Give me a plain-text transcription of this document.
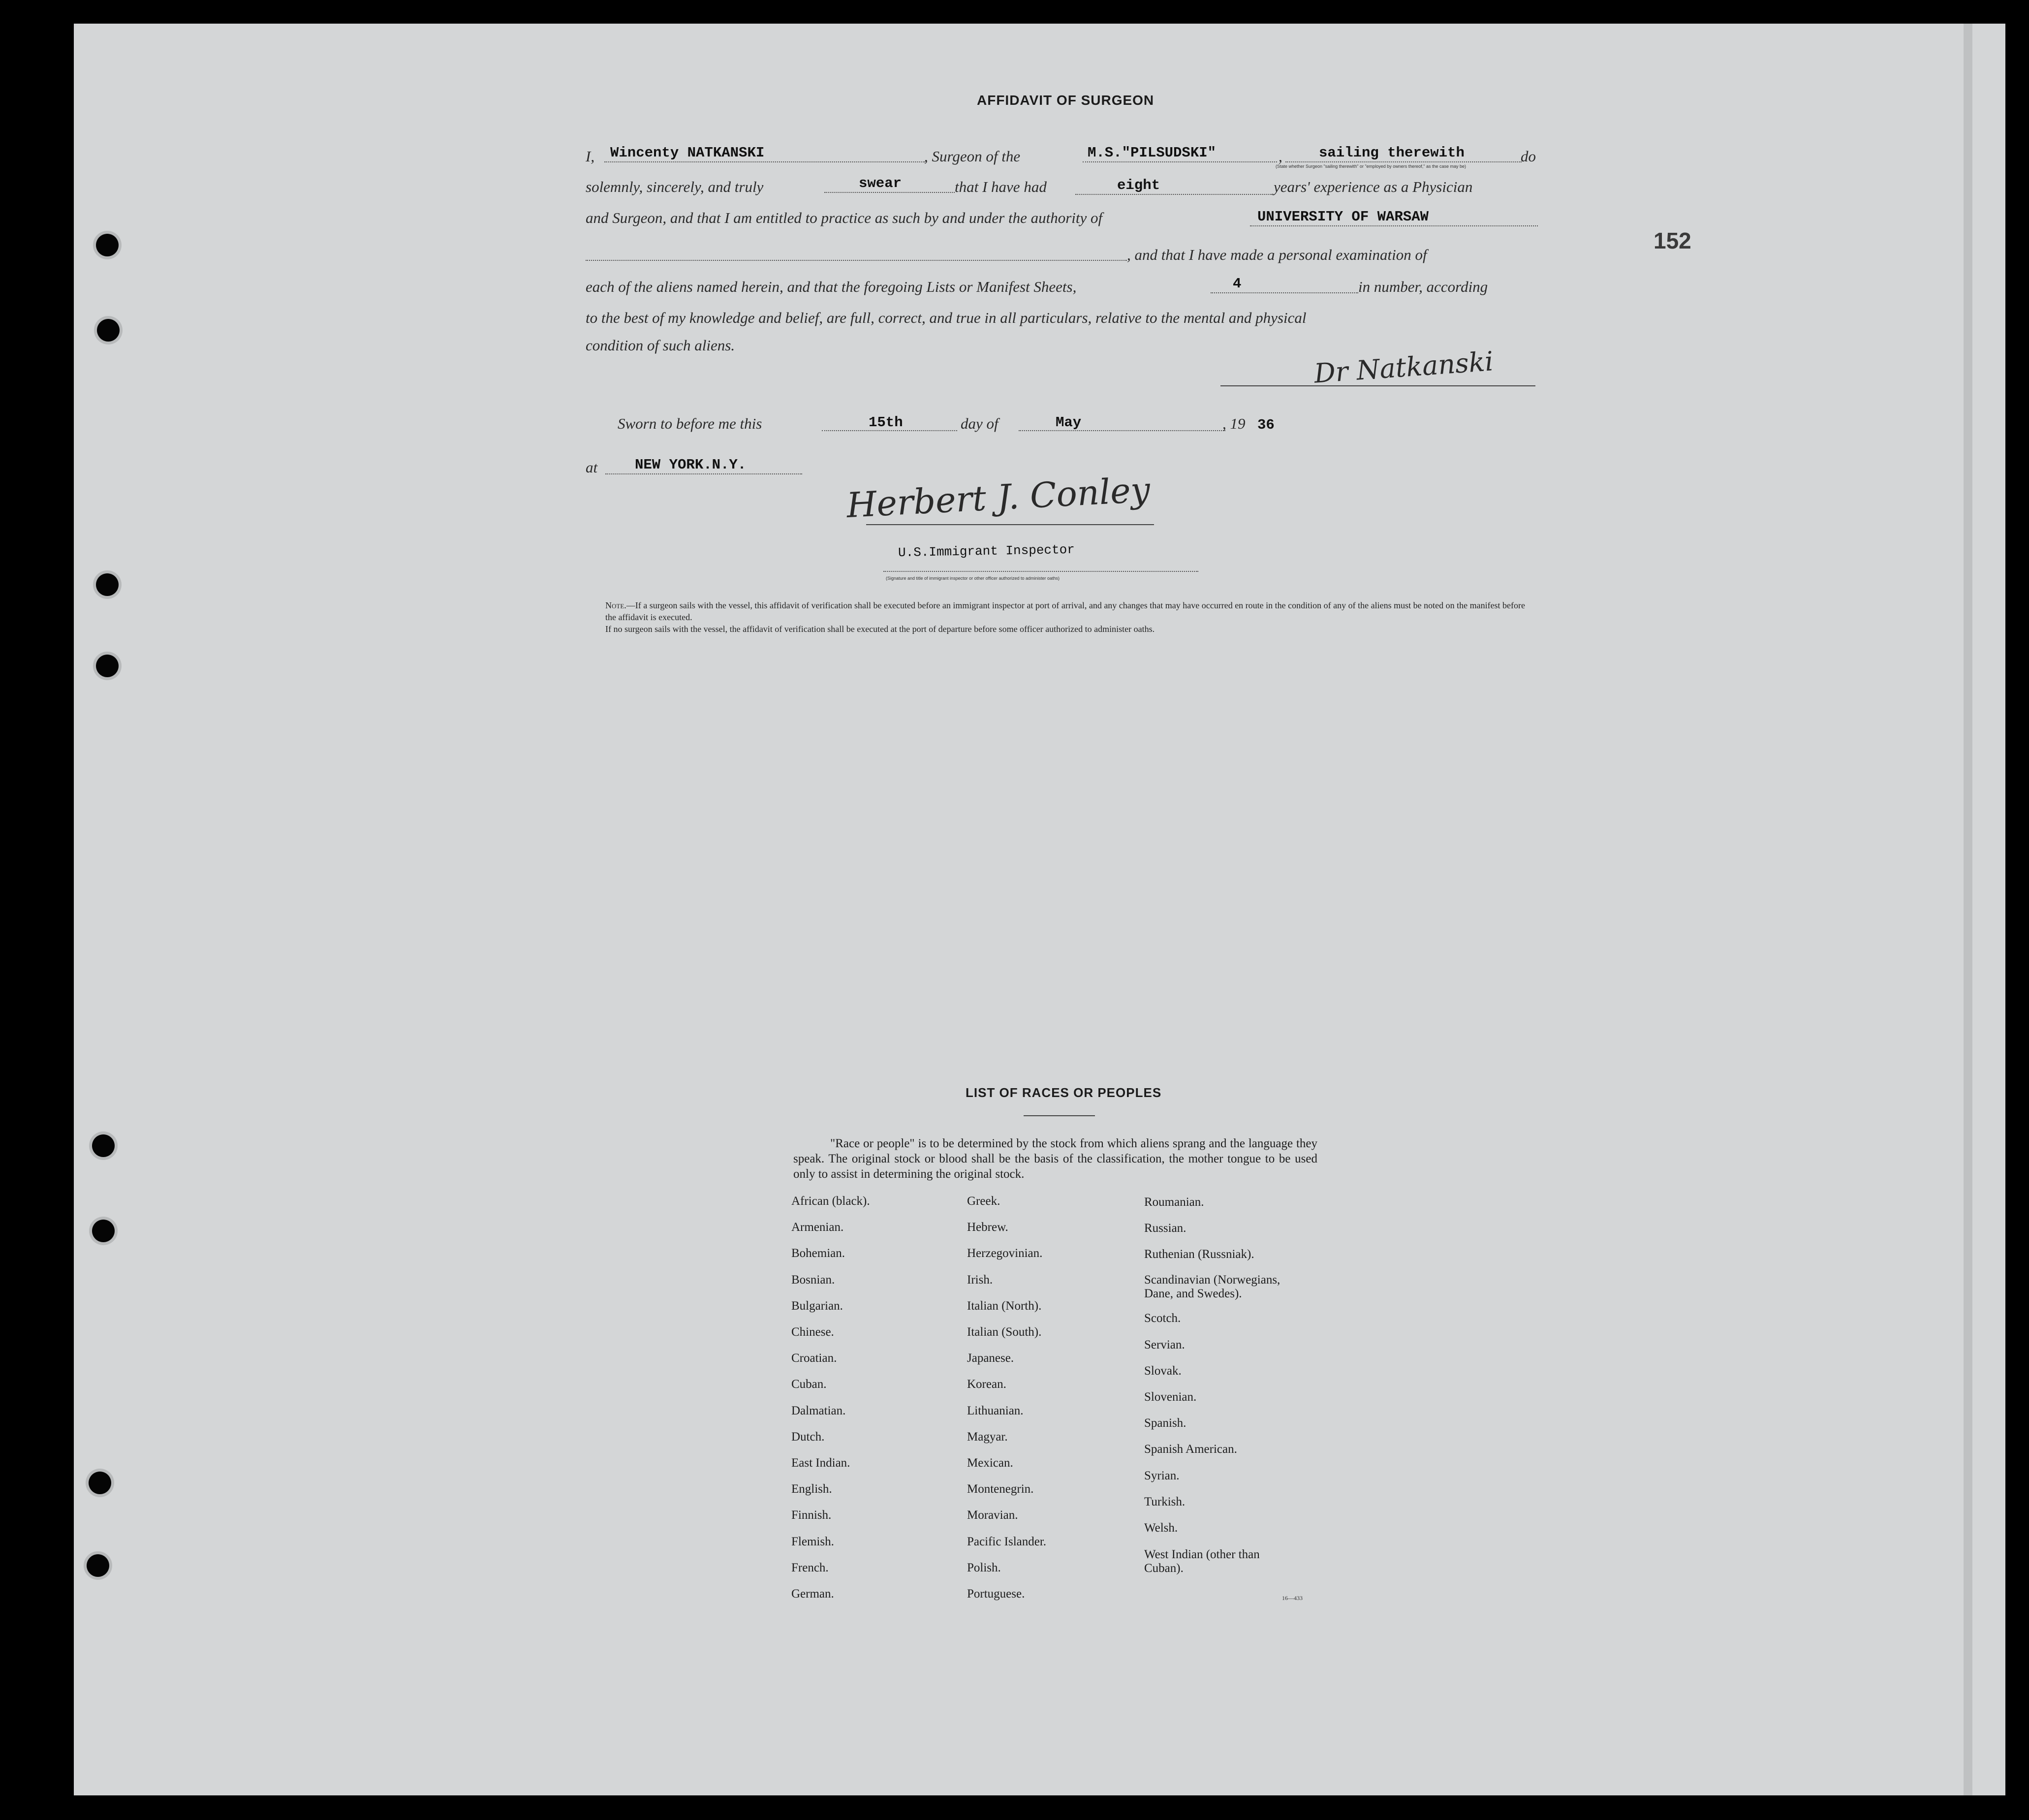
152
AFFIDAVIT OF SURGEON
I, Wincenty NATKANSKI	, Surgeon of the	M.S."PILSUDSKI"	,	sailing therewith
(State whether Surgeon "sailing therewith" or "employed by owners thereof," as the case may be)
do
solemnly, sincerely, and truly	swear	that I have had	eight	years' experience as a Physician
and Surgeon, and that I am entitled to practice as such by and under the authority of	UNIVERSITY OF WARSAW
, and that I have made a personal examination of
each of the aliens named herein, and that the foregoing Lists or Manifest Sheets,	4	in number, according
to the best of my knowledge and belief, are full, correct, and true in all particulars, relative to the mental and physical
condition of such aliens.
Dr Natkanski
Sworn to before me this	15th	day of	May	, 19 36
at	NEW YORK.N.Y.
Herbert J. Conley
U.S.Immigrant Inspector
(Signature and title of immigrant inspector or other officer authorized to administer oaths)
Note.—If a surgeon sails with the vessel, this affidavit of verification shall be executed before an immigrant inspector at port of arrival, and any changes that may have occurred en route in the condition of any of the aliens must be noted on the manifest before the affidavit is executed.
If no surgeon sails with the vessel, the affidavit of verification shall be executed at the port of departure before some officer authorized to administer oaths.
LIST OF RACES OR PEOPLES
"Race or people" is to be determined by the stock from which aliens sprang and the language they speak. The original stock or blood shall be the basis of the classification, the mother tongue to be used only to assist in determining the original stock.
African (black).
Armenian.
Bohemian.
Bosnian.
Bulgarian.
Chinese.
Croatian.
Cuban.
Dalmatian.
Dutch.
East Indian.
English.
Finnish.
Flemish.
French.
German.
Greek.
Hebrew.
Herzegovinian.
Irish.
Italian (North).
Italian (South).
Japanese.
Korean.
Lithuanian.
Magyar.
Mexican.
Montenegrin.
Moravian.
Pacific Islander.
Polish.
Portuguese.
Roumanian.
Russian.
Ruthenian (Russniak).
Scandinavian (Norwegians,
Dane, and Swedes).
Scotch.
Servian.
Slovak.
Slovenian.
Spanish.
Spanish American.
Syrian.
Turkish.
Welsh.
West Indian (other than
Cuban).
16—433
